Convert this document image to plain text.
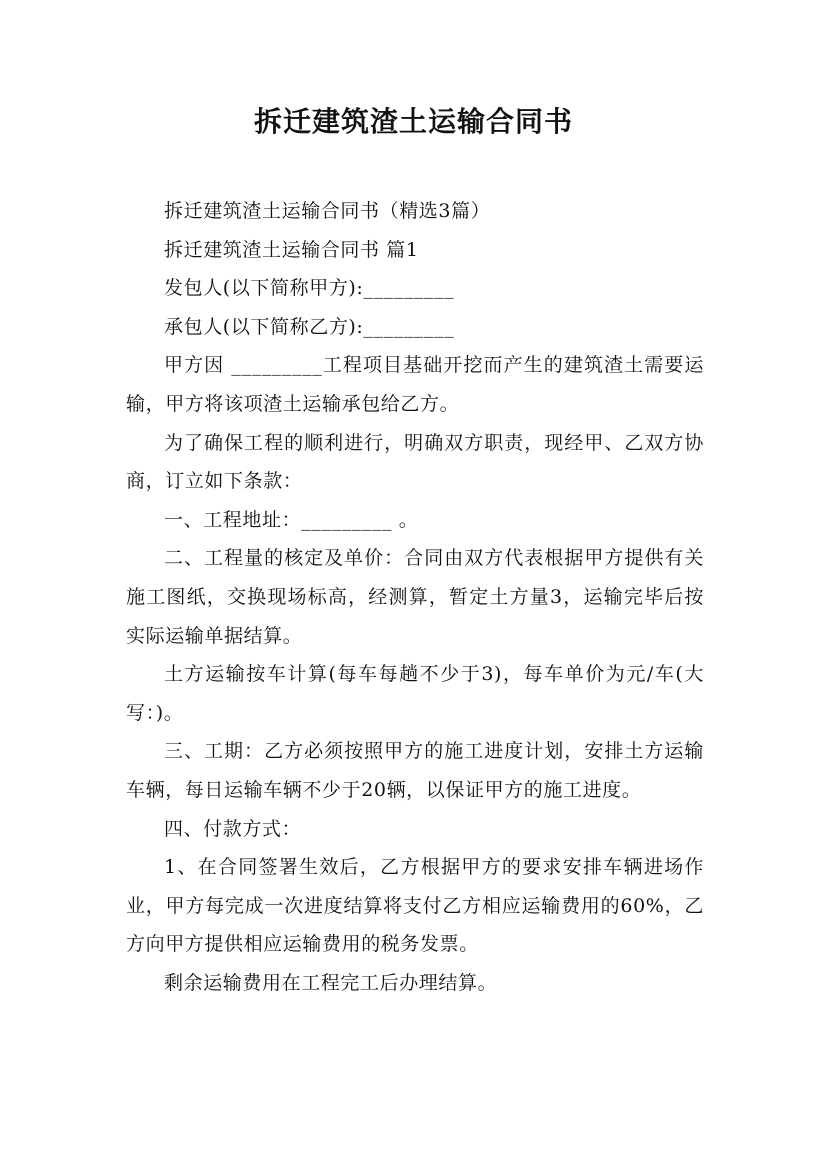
拆迁建筑渣土运输合同书

拆迁建筑渣土运输合同书（精选3篇）

拆迁建筑渣土运输合同书 篇1

发包人(以下简称甲方):_________

承包人(以下简称乙方):_________

甲方因 _________工程项目基础开挖而产生的建筑渣土需要运输，甲方将该项渣土运输承包给乙方。

为了确保工程的顺利进行，明确双方职责，现经甲、乙双方协商，订立如下条款：

一、工程地址：_________ 。

二、工程量的核定及单价：合同由双方代表根据甲方提供有关施工图纸，交换现场标高，经测算，暂定土方量3，运输完毕后按实际运输单据结算。

土方运输按车计算(每车每趟不少于3)，每车单价为元/车(大写：)。

三、工期：乙方必须按照甲方的施工进度计划，安排土方运输车辆，每日运输车辆不少于20辆，以保证甲方的施工进度。

四、付款方式：

1、在合同签署生效后，乙方根据甲方的要求安排车辆进场作业，甲方每完成一次进度结算将支付乙方相应运输费用的60%，乙方向甲方提供相应运输费用的税务发票。

剩余运输费用在工程完工后办理结算。
